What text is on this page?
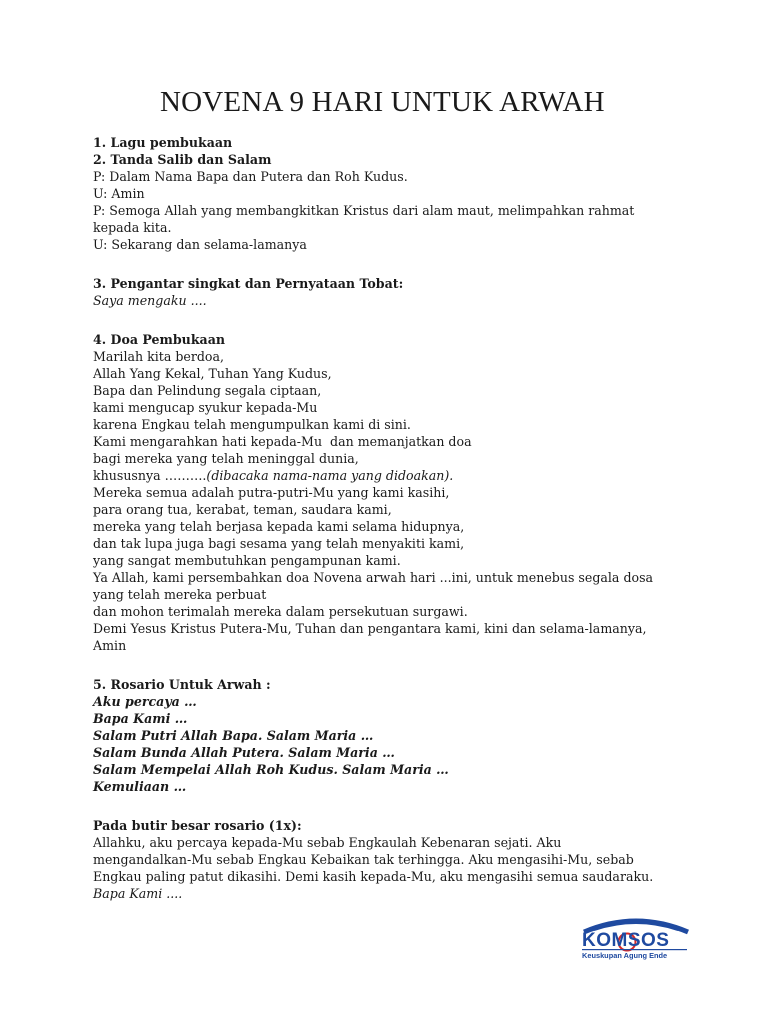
NOVENA 9 HARI UNTUK ARWAH
1. Lagu pembukaan
2. Tanda Salib dan Salam
P: Dalam Nama Bapa dan Putera dan Roh Kudus.
U: Amin
P: Semoga Allah yang membangkitkan Kristus dari alam maut, melimpahkan rahmat
kepada kita.
U: Sekarang dan selama-lamanya
3. Pengantar singkat dan Pernyataan Tobat:
Saya mengaku ....
4. Doa Pembukaan
Marilah kita berdoa,
Allah Yang Kekal, Tuhan Yang Kudus,
Bapa dan Pelindung segala ciptaan,
kami mengucap syukur kepada-Mu
karena Engkau telah mengumpulkan kami di sini.
Kami mengarahkan hati kepada-Mu  dan memanjatkan doa
bagi mereka yang telah meninggal dunia,
khususnya ……….(dibacaka nama-nama yang didoakan).
Mereka semua adalah putra-putri-Mu yang kami kasihi,
para orang tua, kerabat, teman, saudara kami,
mereka yang telah berjasa kepada kami selama hidupnya,
dan tak lupa juga bagi sesama yang telah menyakiti kami,
yang sangat membutuhkan pengampunan kami.
Ya Allah, kami persembahkan doa Novena arwah hari ...ini, untuk menebus segala dosa
yang telah mereka perbuat
dan mohon terimalah mereka dalam persekutuan surgawi.
Demi Yesus Kristus Putera-Mu, Tuhan dan pengantara kami, kini dan selama-lamanya,
Amin
5. Rosario Untuk Arwah :
Aku percaya …
Bapa Kami …
Salam Putri Allah Bapa. Salam Maria …
Salam Bunda Allah Putera. Salam Maria …
Salam Mempelai Allah Roh Kudus. Salam Maria …
Kemuliaan …
Pada butir besar rosario (1x):
Allahku, aku percaya kepada-Mu sebab Engkaulah Kebenaran sejati. Aku
mengandalkan-Mu sebab Engkau Kebaikan tak terhingga. Aku mengasihi-Mu, sebab
Engkau paling patut dikasihi. Demi kasih kepada-Mu, aku mengasihi semua saudaraku.
Bapa Kami ....
KOMSOS
Keuskupan Agung Ende
